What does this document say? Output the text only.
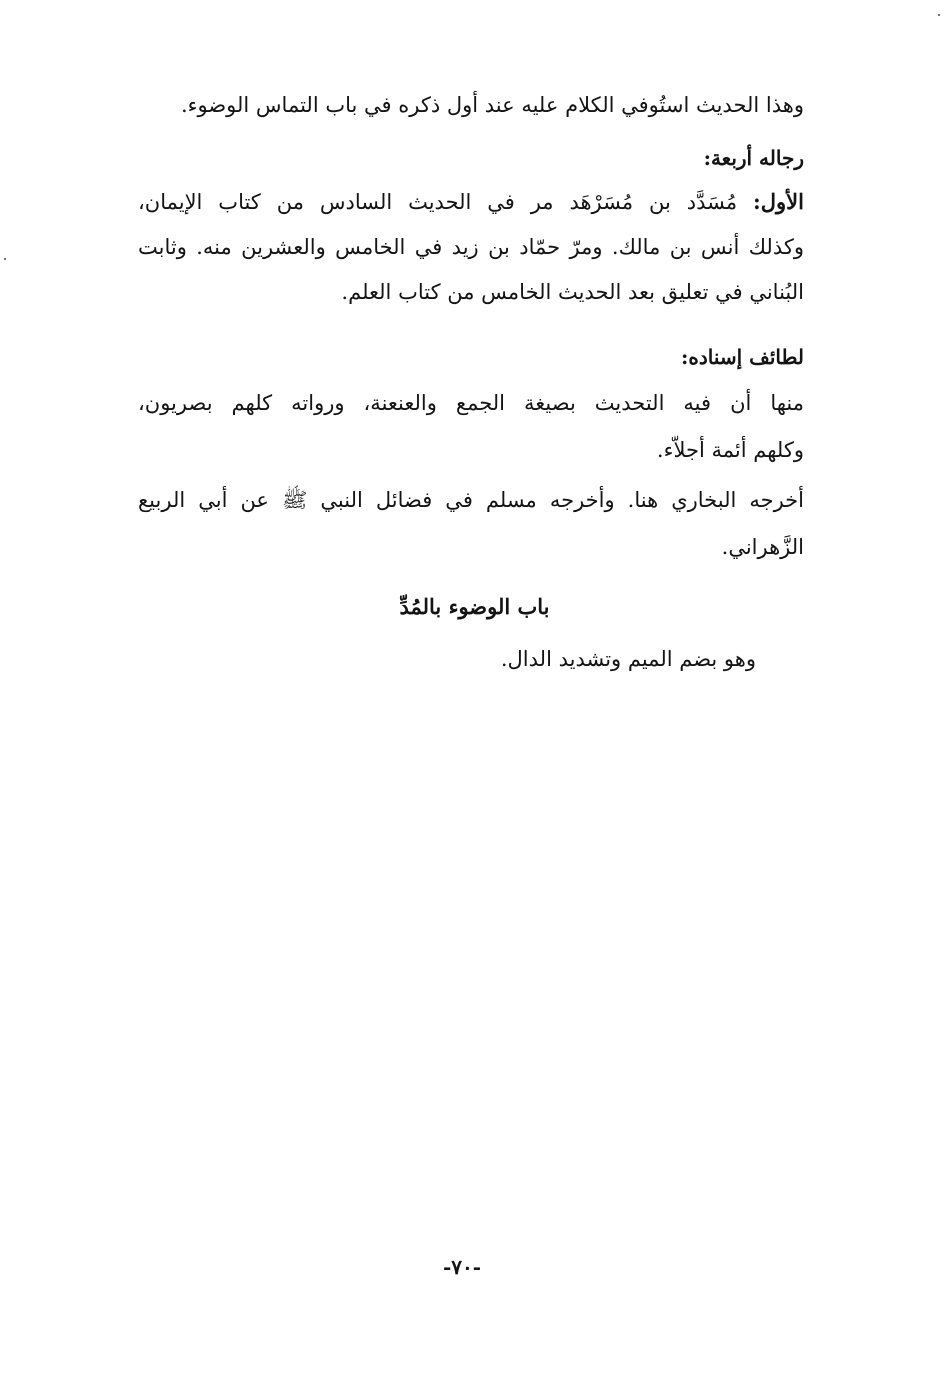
وهذا الحديث استُوفي الكلام عليه عند أول ذكره في باب التماس الوضوء.
رجاله أربعة:
الأول: مُسَدَّد بن مُسَرْهَد مر في الحديث السادس من كتاب الإيمان،
وكذلك أنس بن مالك. ومرّ حمّاد بن زيد في الخامس والعشرين منه. وثابت
البُناني في تعليق بعد الحديث الخامس من كتاب العلم.
لطائف إسناده:
منها أن فيه التحديث بصيغة الجمع والعنعنة، ورواته كلهم بصريون،
وكلهم أئمة أجلاّء.
أخرجه البخاري هنا. وأخرجه مسلم في فضائل النبي ﷺ عن أبي الربيع
الزَّهراني.
باب الوضوء بالمُدِّ
وهو بضم الميم وتشديد الدال.
-٧٠-
